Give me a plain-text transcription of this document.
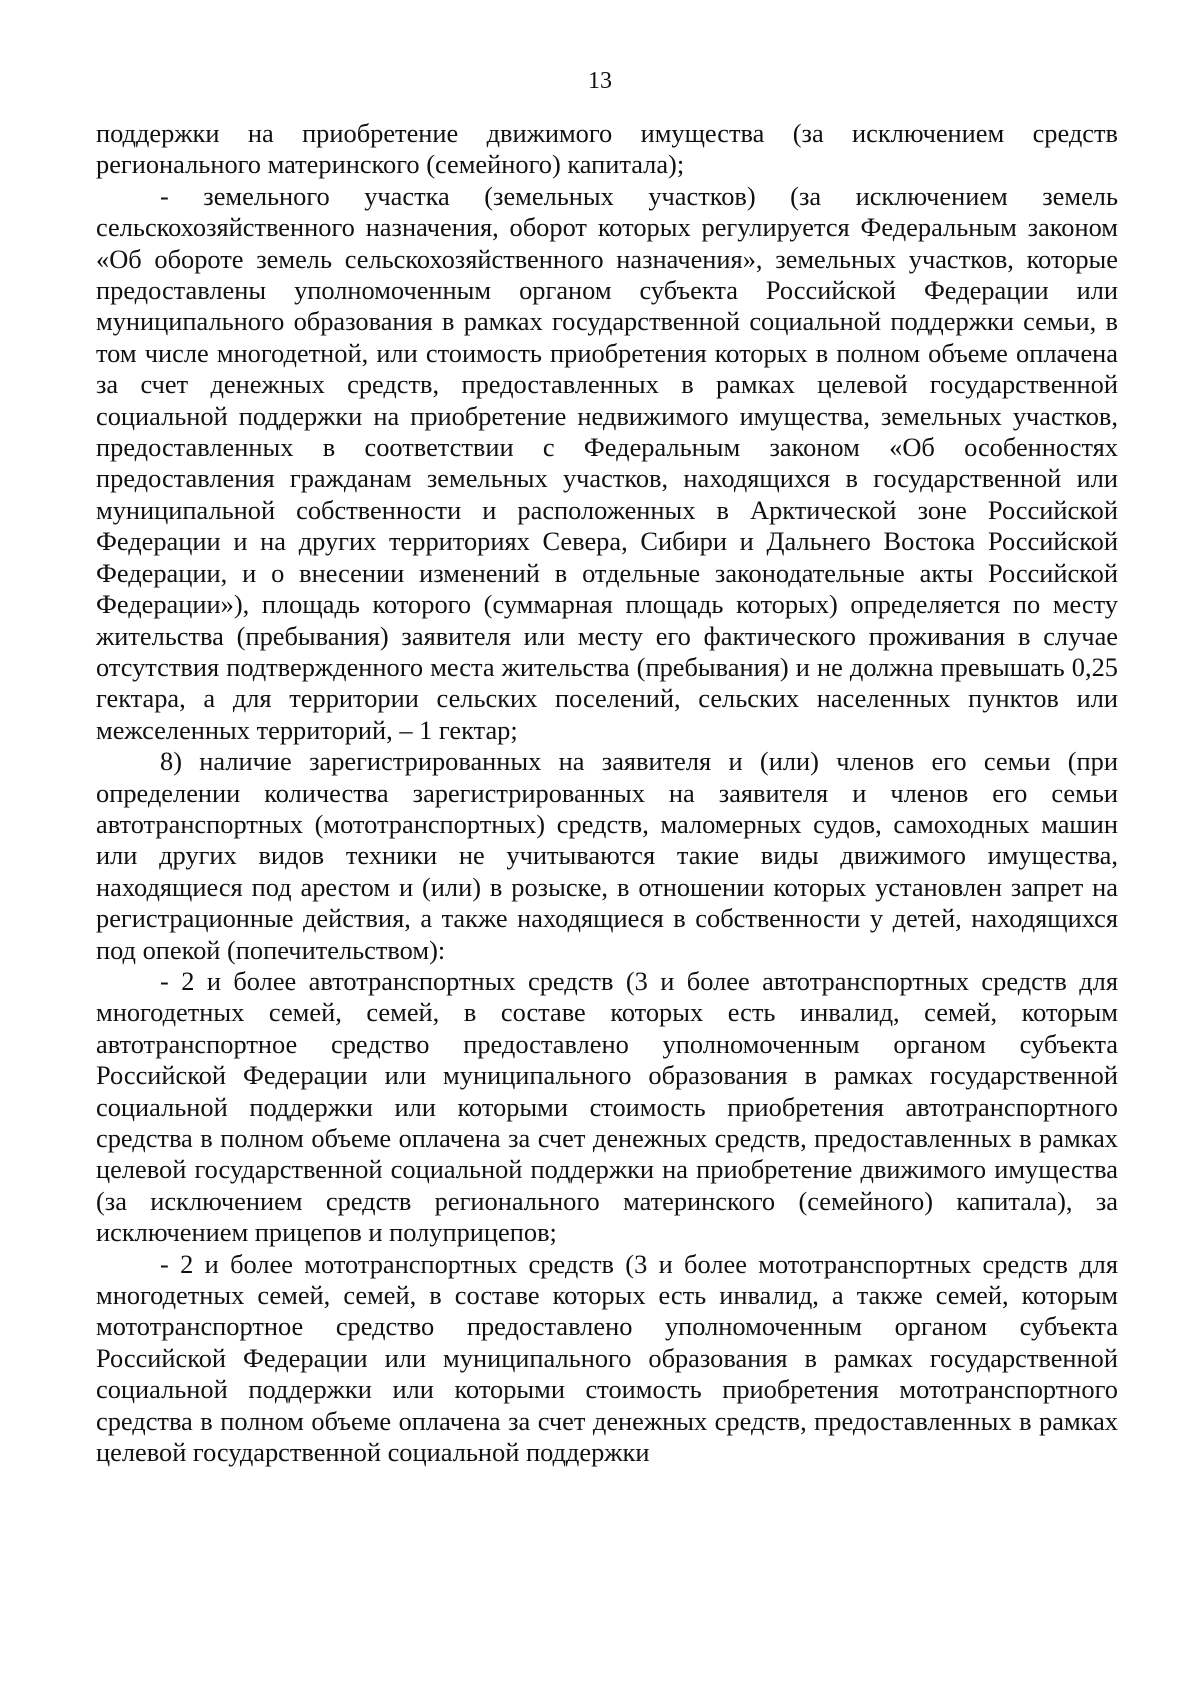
13

поддержки на приобретение движимого имущества (за исключением средств регионального материнского (семейного) капитала);

- земельного участка (земельных участков) (за исключением земель сельскохозяйственного назначения, оборот которых регулируется Федеральным законом «Об обороте земель сельскохозяйственного назначения», земельных участков, которые предоставлены уполномоченным органом субъекта Российской Федерации или муниципального образования в рамках государственной социальной поддержки семьи, в том числе многодетной, или стоимость приобретения которых в полном объеме оплачена за счет денежных средств, предоставленных в рамках целевой государственной социальной поддержки на приобретение недвижимого имущества, земельных участков, предоставленных в соответствии с Федеральным законом «Об особенностях предоставления гражданам земельных участков, находящихся в государственной или муниципальной собственности и расположенных в Арктической зоне Российской Федерации и на других территориях Севера, Сибири и Дальнего Востока Российской Федерации, и о внесении изменений в отдельные законодательные акты Российской Федерации»), площадь которого (суммарная площадь которых) определяется по месту жительства (пребывания) заявителя или месту его фактического проживания в случае отсутствия подтвержденного места жительства (пребывания) и не должна превышать 0,25 гектара, а для территории сельских поселений, сельских населенных пунктов или межселенных территорий, – 1 гектар;

8) наличие зарегистрированных на заявителя и (или) членов его семьи (при определении количества зарегистрированных на заявителя и членов его семьи автотранспортных (мототранспортных) средств, маломерных судов, самоходных машин или других видов техники не учитываются такие виды движимого имущества, находящиеся под арестом и (или) в розыске, в отношении которых установлен запрет на регистрационные действия, а также находящиеся в собственности у детей, находящихся под опекой (попечительством):

- 2 и более автотранспортных средств (3 и более автотранспортных средств для многодетных семей, семей, в составе которых есть инвалид, семей, которым автотранспортное средство предоставлено уполномоченным органом субъекта Российской Федерации или муниципального образования в рамках государственной социальной поддержки или которыми стоимость приобретения автотранспортного средства в полном объеме оплачена за счет денежных средств, предоставленных в рамках целевой государственной социальной поддержки на приобретение движимого имущества (за исключением средств регионального материнского (семейного) капитала), за исключением прицепов и полуприцепов;

- 2 и более мототранспортных средств (3 и более мототранспортных средств для многодетных семей, семей, в составе которых есть инвалид, а также семей, которым мототранспортное средство предоставлено уполномоченным органом субъекта Российской Федерации или муниципального образования в рамках государственной социальной поддержки или которыми стоимость приобретения мототранспортного средства в полном объеме оплачена за счет денежных средств, предоставленных в рамках целевой государственной социальной поддержки
